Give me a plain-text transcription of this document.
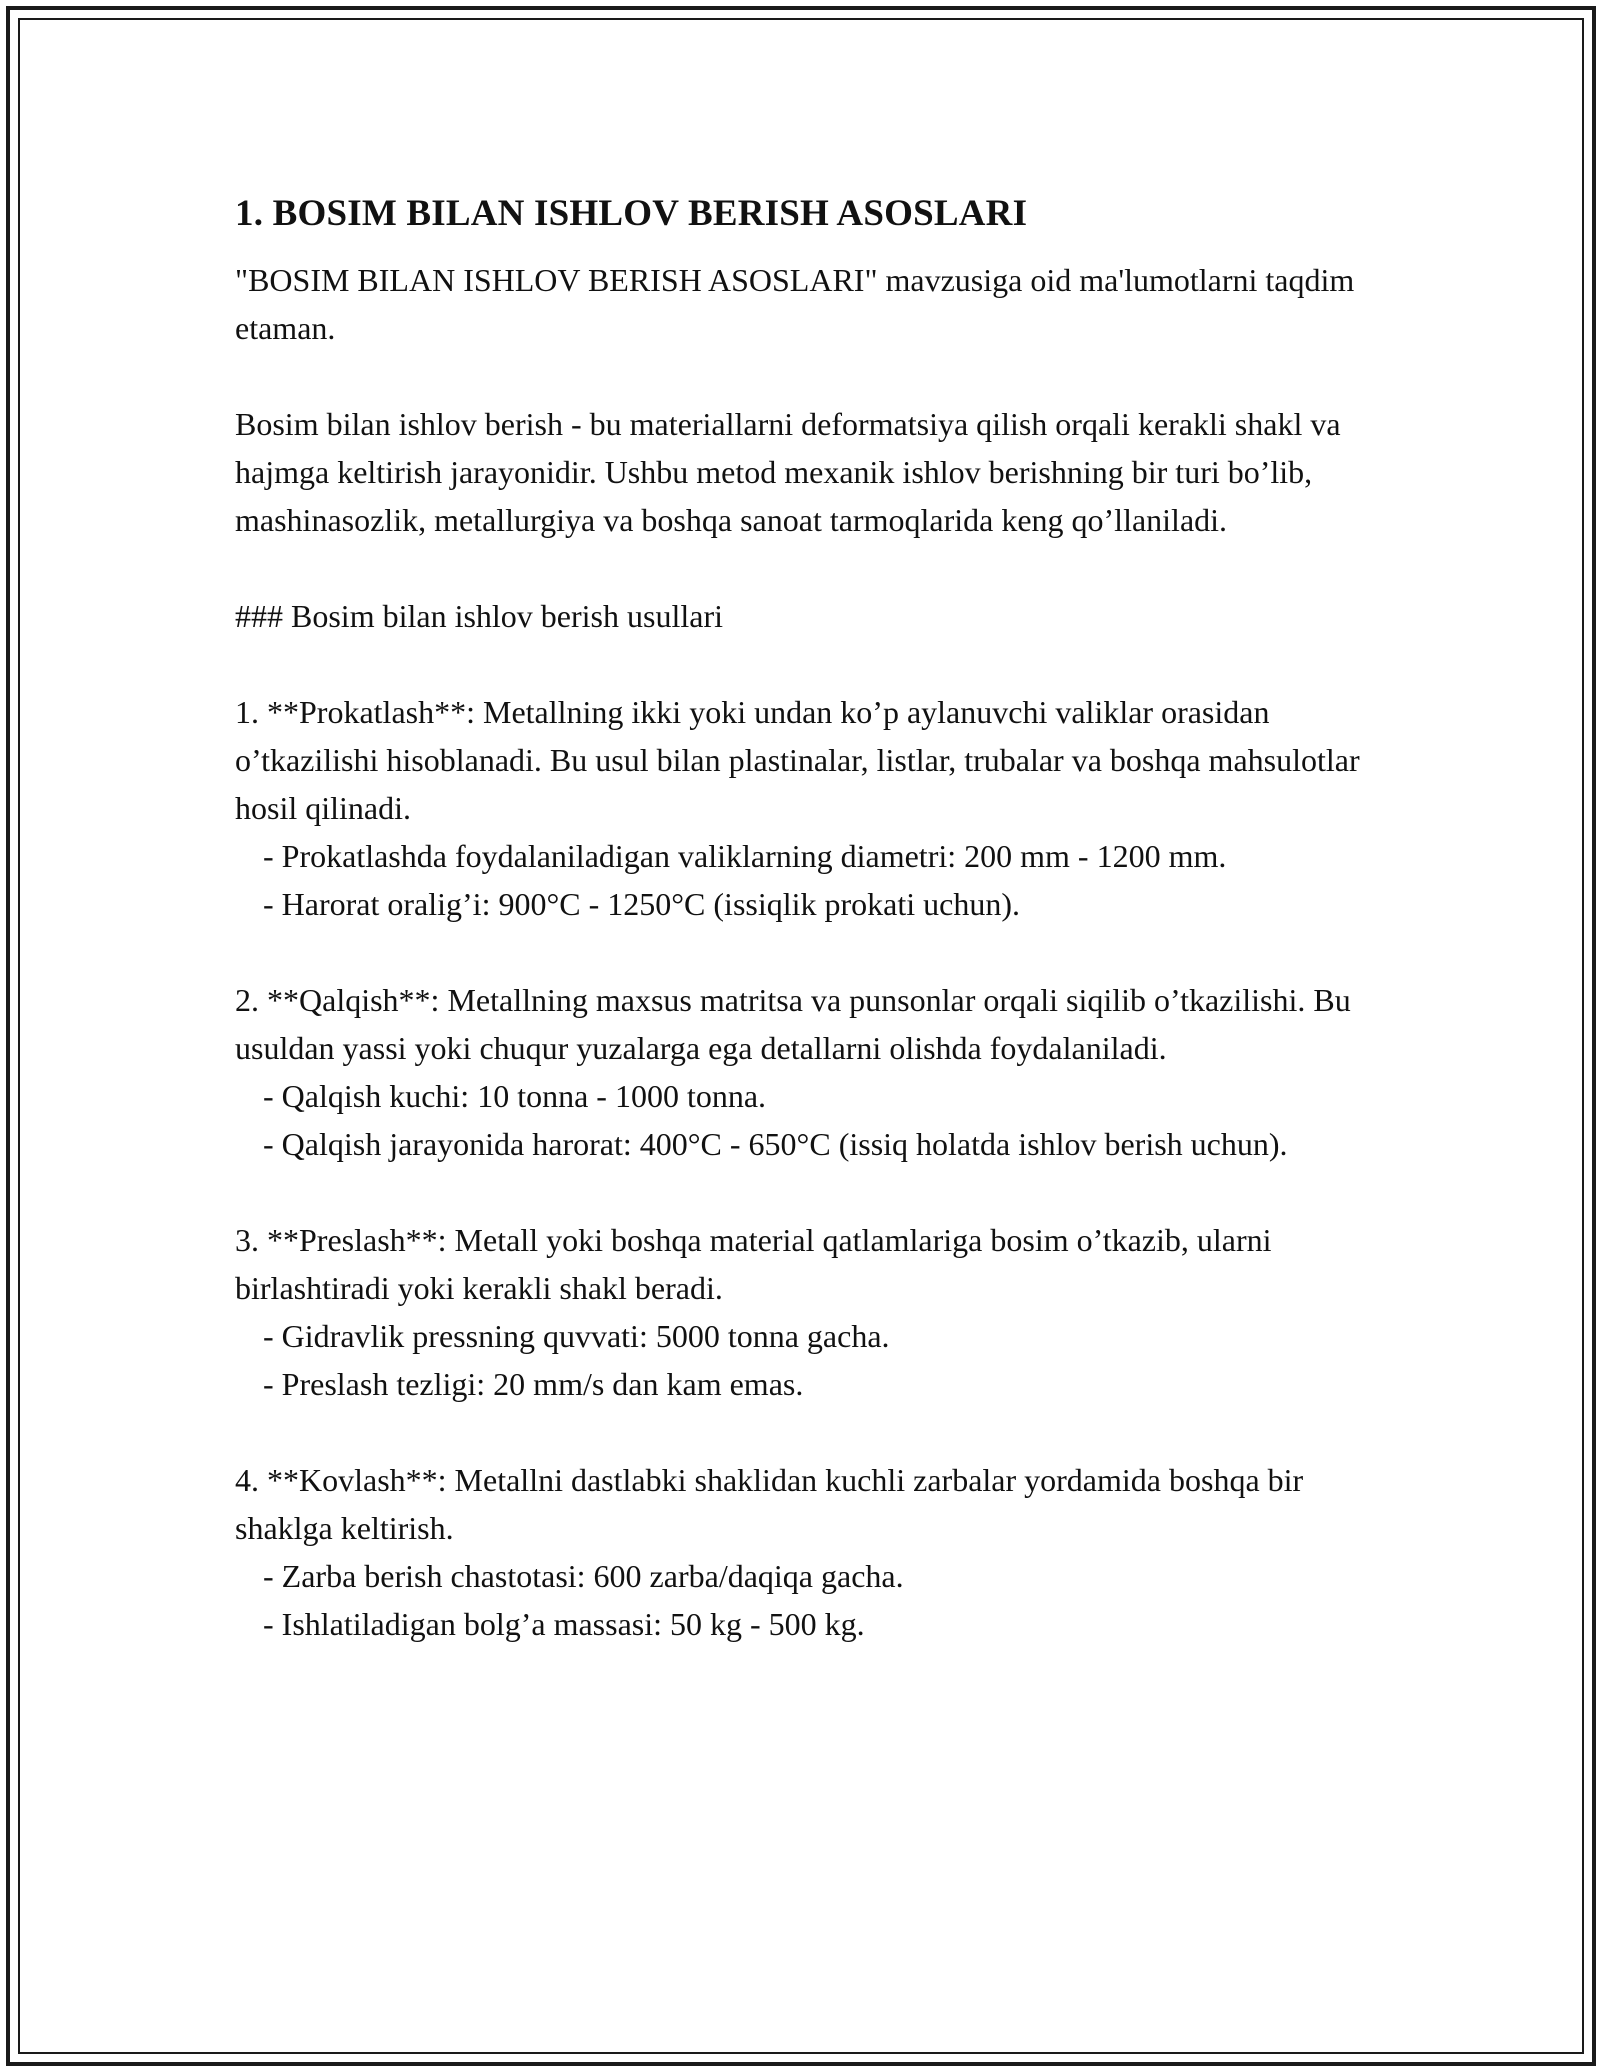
1. BOSIM BILAN ISHLOV BERISH ASOSLARI

"BOSIM BILAN ISHLOV BERISH ASOSLARI" mavzusiga oid ma'lumotlarni taqdim etaman.

Bosim bilan ishlov berish - bu materiallarni deformatsiya qilish orqali kerakli shakl va hajmga keltirish jarayonidir. Ushbu metod mexanik ishlov berishning bir turi bo’lib, mashinasozlik, metallurgiya va boshqa sanoat tarmoqlarida keng qo’llaniladi.

### Bosim bilan ishlov berish usullari

1. **Prokatlash**: Metallning ikki yoki undan ko’p aylanuvchi valiklar orasidan o’tkazilishi hisoblanadi. Bu usul bilan plastinalar, listlar, trubalar va boshqa mahsulotlar hosil qilinadi.

- Prokatlashda foydalaniladigan valiklarning diametri: 200 mm - 1200 mm.

- Harorat oralig’i: 900°C - 1250°C (issiqlik prokati uchun).

2. **Qalqish**: Metallning maxsus matritsa va punsonlar orqali siqilib o’tkazilishi. Bu usuldan yassi yoki chuqur yuzalarga ega detallarni olishda foydalaniladi.

- Qalqish kuchi: 10 tonna - 1000 tonna.

- Qalqish jarayonida harorat: 400°C - 650°C (issiq holatda ishlov berish uchun).

3. **Preslash**: Metall yoki boshqa material qatlamlariga bosim o’tkazib, ularni birlashtiradi yoki kerakli shakl beradi.

- Gidravlik pressning quvvati: 5000 tonna gacha.

- Preslash tezligi: 20 mm/s dan kam emas.

4. **Kovlash**: Metallni dastlabki shaklidan kuchli zarbalar yordamida boshqa bir shaklga keltirish.

- Zarba berish chastotasi: 600 zarba/daqiqa gacha.

- Ishlatiladigan bolg’a massasi: 50 kg - 500 kg.
